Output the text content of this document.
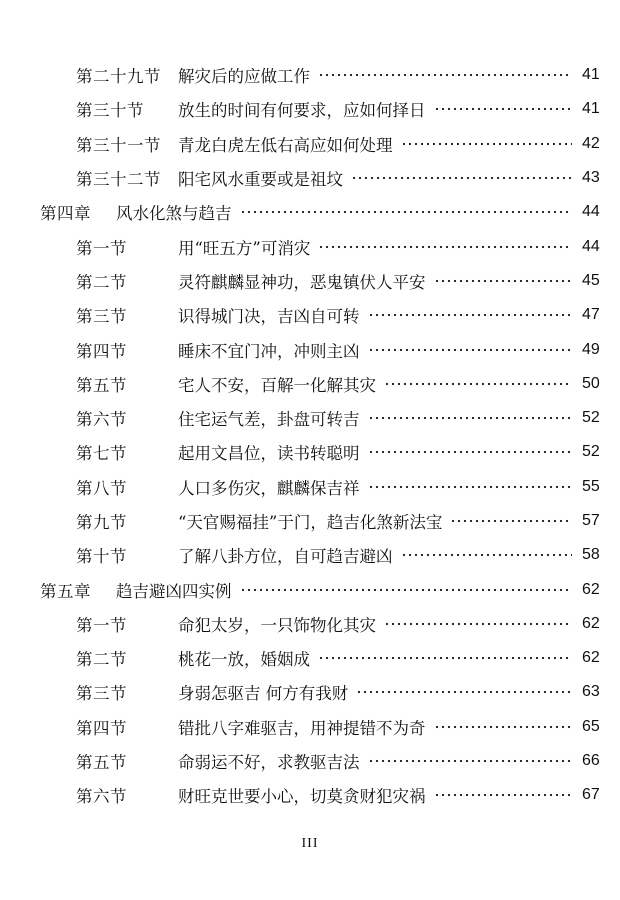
第二十九节	解灾后的应做工作	41
第三十节	放生的时间有何要求，应如何择日	41
第三十一节	青龙白虎左低右高应如何处理	42
第三十二节	阳宅风水重要或是祖坟	43
第四章	风水化煞与趋吉	44
第一节	用“旺五方”可消灾	44
第二节	灵符麒麟显神功，恶鬼镇伏人平安	45
第三节	识得城门决，吉凶自可转	47
第四节	睡床不宜门冲，冲则主凶	49
第五节	宅人不安，百解一化解其灾	50
第六节	住宅运气差，卦盘可转吉	52
第七节	起用文昌位，读书转聪明	52
第八节	人口多伤灾，麒麟保吉祥	55
第九节	“天官赐福挂”于门，趋吉化煞新法宝	57
第十节	了解八卦方位，自可趋吉避凶	58
第五章	趋吉避凶四实例	62
第一节	命犯太岁，一只饰物化其灾	62
第二节	桃花一放，婚姻成	62
第三节	身弱怎驱吉 何方有我财	63
第四节	错批八字难驱吉，用神提错不为奇	65
第五节	命弱运不好，求教驱吉法	66
第六节	财旺克世要小心，切莫贪财犯灾祸	67
III
